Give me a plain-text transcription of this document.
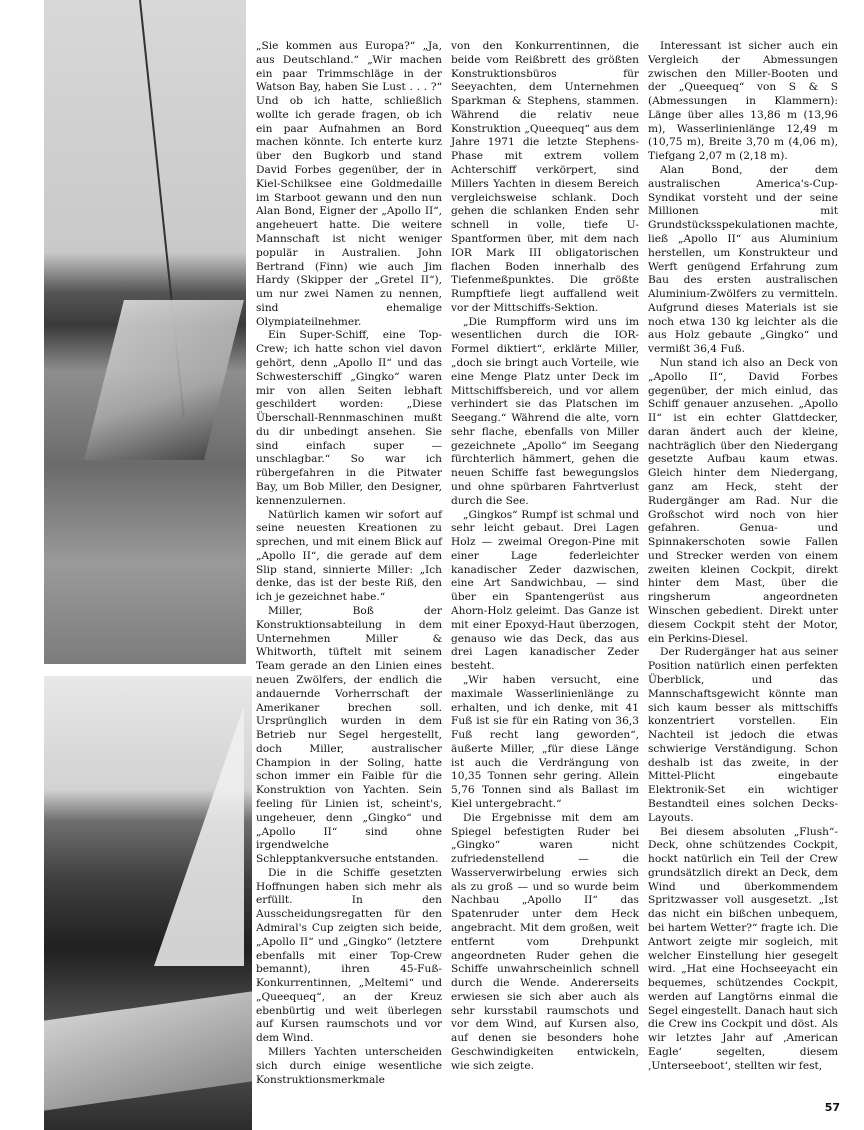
„Sie kommen aus Europa?“ „Ja, aus Deutschland.“ „Wir machen ein paar Trimmschläge in der Watson Bay, haben Sie Lust . . . ?“ Und ob ich hatte, schließlich wollte ich gerade fragen, ob ich ein paar Aufnahmen an Bord machen könnte. Ich enterte kurz über den Bugkorb und stand David Forbes gegenüber, der in Kiel-Schilksee eine Goldmedaille im Starboot gewann und den nun Alan Bond, Eigner der „Apollo II“, angeheuert hatte. Die weitere Mannschaft ist nicht weniger populär in Australien. John Bertrand (Finn) wie auch Jim Hardy (Skipper der „Gretel II“), um nur zwei Namen zu nennen, sind ehemalige Olympiateilnehmer.

Ein Super-Schiff, eine Top-Crew; ich hatte schon viel davon gehört, denn „Apollo II“ und das Schwesterschiff „Gingko“ waren mir von allen Seiten lebhaft geschildert worden: „Diese Überschall-Rennmaschinen mußt du dir unbedingt ansehen. Sie sind einfach super — unschlagbar.“ So war ich rübergefahren in die Pitwater Bay, um Bob Miller, den Designer, kennenzulernen.

Natürlich kamen wir sofort auf seine neuesten Kreationen zu sprechen, und mit einem Blick auf „Apollo II“, die gerade auf dem Slip stand, sinnierte Miller: „Ich denke, das ist der beste Riß, den ich je gezeichnet habe.“

Miller, Boß der Konstruktionsabteilung in dem Unternehmen Miller & Whitworth, tüftelt mit seinem Team gerade an den Linien eines neuen Zwölfers, der endlich die andauernde Vorherrschaft der Amerikaner brechen soll. Ursprünglich wurden in dem Betrieb nur Segel hergestellt, doch Miller, australischer Champion in der Soling, hatte schon immer ein Faible für die Konstruktion von Yachten. Sein feeling für Linien ist, scheint's, ungeheuer, denn „Gingko“ und „Apollo II“ sind ohne irgendwelche Schlepptankversuche entstanden.

Die in die Schiffe gesetzten Hoffnungen haben sich mehr als erfüllt. In den Ausscheidungsregatten für den Admiral's Cup zeigten sich beide, „Apollo II“ und „Gingko“ (letztere ebenfalls mit einer Top-Crew bemannt), ihren 45-Fuß-Konkurrentinnen, „Meltemi“ und „Queequeq“, an der Kreuz ebenbürtig und weit überlegen auf Kursen raumschots und vor dem Wind.

Millers Yachten unterscheiden sich durch einige wesentliche Konstruktionsmerkmale

von den Konkurrentinnen, die beide vom Reißbrett des größten Konstruktionsbüros für Seeyachten, dem Unternehmen Sparkman & Stephens, stammen. Während die relativ neue Konstruktion „Queequeq“ aus dem Jahre 1971 die letzte Stephens-Phase mit extrem vollem Achterschiff verkörpert, sind Millers Yachten in diesem Bereich vergleichsweise schlank. Doch gehen die schlanken Enden sehr schnell in volle, tiefe U-Spantformen über, mit dem nach IOR Mark III obligatorischen flachen Boden innerhalb des Tiefenmeßpunktes. Die größte Rumpftiefe liegt auffallend weit vor der Mittschiffs-Sektion.

„Die Rumpfform wird uns im wesentlichen durch die IOR-Formel diktiert“, erklärte Miller, „doch sie bringt auch Vorteile, wie eine Menge Platz unter Deck im Mittschiffsbereich, und vor allem verhindert sie das Platschen im Seegang.“ Während die alte, vorn sehr flache, ebenfalls von Miller gezeichnete „Apollo“ im Seegang fürchterlich hämmert, gehen die neuen Schiffe fast bewegungslos und ohne spürbaren Fahrtverlust durch die See.

„Gingkos“ Rumpf ist schmal und sehr leicht gebaut. Drei Lagen Holz — zweimal Oregon-Pine mit einer Lage federleichter kanadischer Zeder dazwischen, eine Art Sandwichbau, — sind über ein Spantengerüst aus Ahorn-Holz geleimt. Das Ganze ist mit einer Epoxyd-Haut überzogen, genauso wie das Deck, das aus drei Lagen kanadischer Zeder besteht.

„Wir haben versucht, eine maximale Wasserlinienlänge zu erhalten, und ich denke, mit 41 Fuß ist sie für ein Rating von 36,3 Fuß recht lang geworden“, äußerte Miller, „für diese Länge ist auch die Verdrängung von 10,35 Tonnen sehr gering. Allein 5,76 Tonnen sind als Ballast im Kiel untergebracht.“

Die Ergebnisse mit dem am Spiegel befestigten Ruder bei „Gingko“ waren nicht zufriedenstellend — die Wasserverwirbelung erwies sich als zu groß — und so wurde beim Nachbau „Apollo II“ das Spatenruder unter dem Heck angebracht. Mit dem großen, weit entfernt vom Drehpunkt angeordneten Ruder gehen die Schiffe unwahrscheinlich schnell durch die Wende. Andererseits erwiesen sie sich aber auch als sehr kursstabil raumschots und vor dem Wind, auf Kursen also, auf denen sie besonders hohe Geschwindigkeiten entwickeln, wie sich zeigte.

Interessant ist sicher auch ein Vergleich der Abmessungen zwischen den Miller-Booten und der „Queequeq“ von S & S (Abmessungen in Klammern): Länge über alles 13,86 m (13,96 m), Wasserlinienlänge 12,49 m (10,75 m), Breite 3,70 m (4,06 m), Tiefgang 2,07 m (2,18 m).

Alan Bond, der dem australischen America's-Cup-Syndikat vorsteht und der seine Millionen mit Grundstücksspekulationen machte, ließ „Apollo II“ aus Aluminium herstellen, um Konstrukteur und Werft genügend Erfahrung zum Bau des ersten australischen Aluminium-Zwölfers zu vermitteln. Aufgrund dieses Materials ist sie noch etwa 130 kg leichter als die aus Holz gebaute „Gingko“ und vermißt 36,4 Fuß.

Nun stand ich also an Deck von „Apollo II“, David Forbes gegenüber, der mich einlud, das Schiff genauer anzusehen. „Apollo II“ ist ein echter Glattdecker, daran ändert auch der kleine, nachträglich über den Niedergang gesetzte Aufbau kaum etwas. Gleich hinter dem Niedergang, ganz am Heck, steht der Rudergänger am Rad. Nur die Großschot wird noch von hier gefahren. Genua- und Spinnakerschoten sowie Fallen und Strecker werden von einem zweiten kleinen Cockpit, direkt hinter dem Mast, über die ringsherum angeordneten Winschen gebedient. Direkt unter diesem Cockpit steht der Motor, ein Perkins-Diesel.

Der Rudergänger hat aus seiner Position natürlich einen perfekten Überblick, und das Mannschaftsgewicht könnte man sich kaum besser als mittschiffs konzentriert vorstellen. Ein Nachteil ist jedoch die etwas schwierige Verständigung. Schon deshalb ist das zweite, in der Mittel-Plicht eingebaute Elektronik-Set ein wichtiger Bestandteil eines solchen Decks-Layouts.

Bei diesem absoluten „Flush“-Deck, ohne schützendes Cockpit, hockt natürlich ein Teil der Crew grundsätzlich direkt an Deck, dem Wind und überkommendem Spritzwasser voll ausgesetzt. „Ist das nicht ein bißchen unbequem, bei hartem Wetter?“ fragte ich. Die Antwort zeigte mir sogleich, mit welcher Einstellung hier gesegelt wird. „Hat eine Hochseeyacht ein bequemes, schützendes Cockpit, werden auf Langtörns einmal die Segel eingestellt. Danach haut sich die Crew ins Cockpit und döst. Als wir letztes Jahr auf ‚American Eagle‘ segelten, diesem ‚Unterseeboot‘, stellten wir fest,

57
